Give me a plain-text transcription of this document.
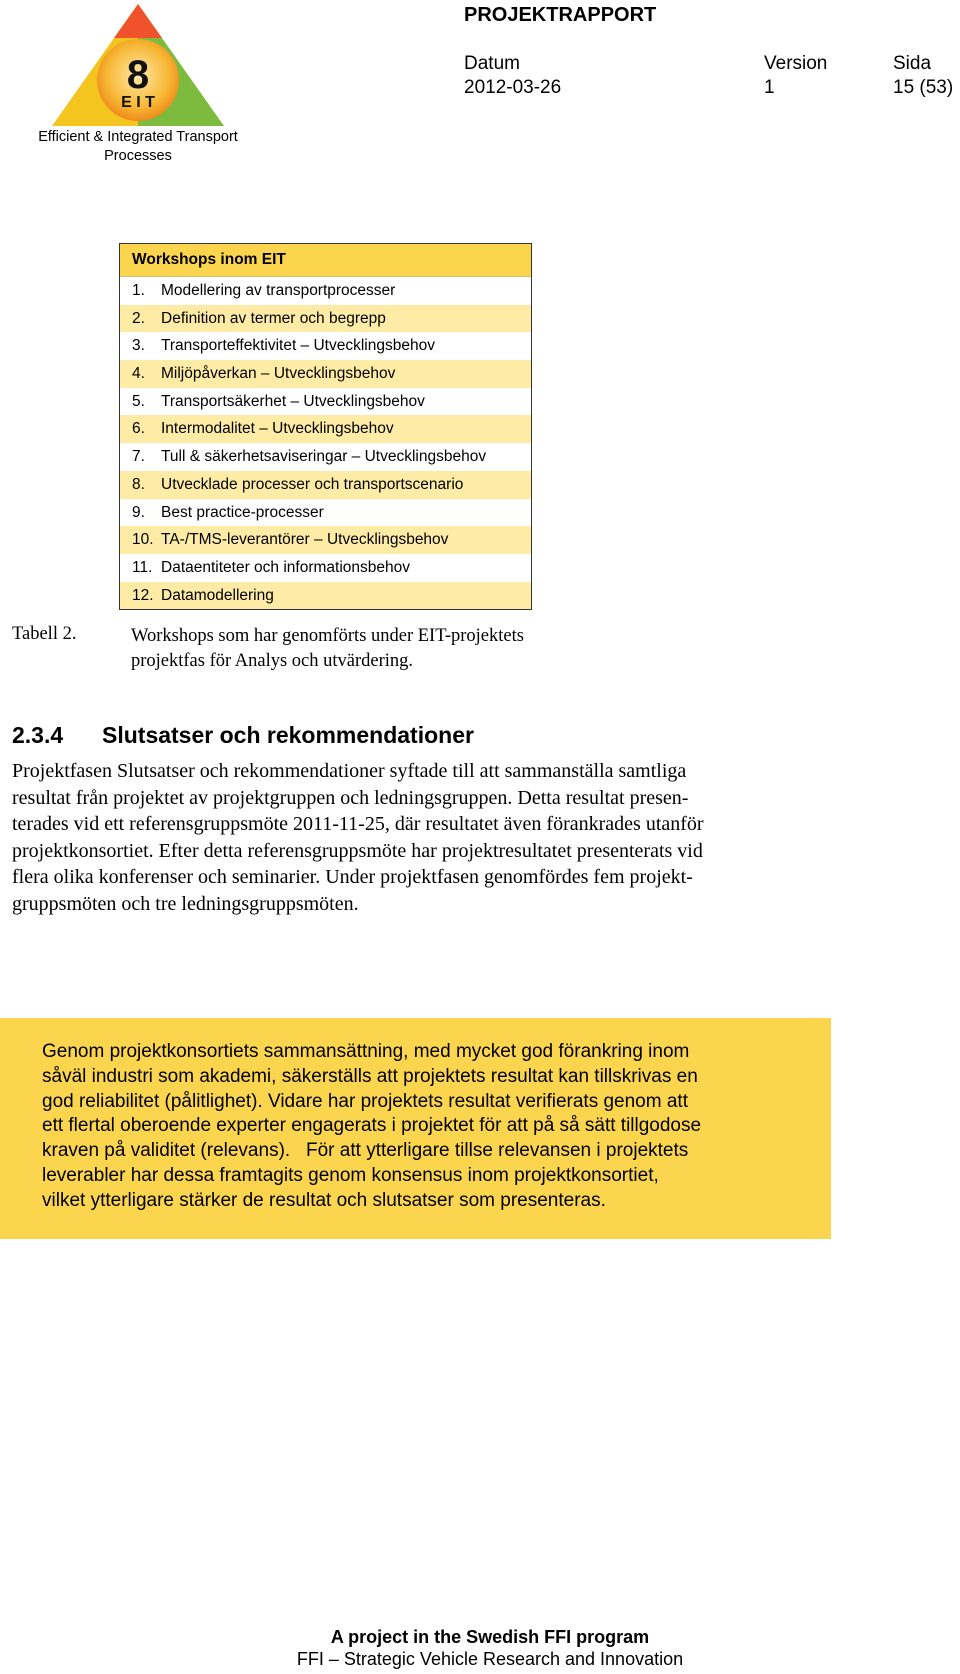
8
E I T
Efficient & Integrated Transport
Processes
PROJEKTRAPPORT
Datum
2012-03-26
Version
1
Sida
15 (53)
Workshops inom EIT
1. Modellering av transportprocesser
2. Definition av termer och begrepp
3. Transporteffektivitet – Utvecklingsbehov
4. Miljöpåverkan – Utvecklingsbehov
5. Transportsäkerhet – Utvecklingsbehov
6. Intermodalitet – Utvecklingsbehov
7. Tull & säkerhetsaviseringar – Utvecklingsbehov
8. Utvecklade processer och transportscenario
9. Best practice-processer
10. TA-/TMS-leverantörer – Utvecklingsbehov
11. Dataentiteter och informationsbehov
12. Datamodellering
Tabell 2.	Workshops som har genomförts under EIT-projektets
projektfas för Analys och utvärdering.
2.3.4 Slutsatser och rekommendationer
Projektfasen Slutsatser och rekommendationer syftade till att sammanställa samtliga
resultat från projektet av projektgruppen och ledningsgruppen. Detta resultat presen-
terades vid ett referensgruppsmöte 2011-11-25, där resultatet även förankrades utanför
projektkonsortiet. Efter detta referensgruppsmöte har projektresultatet presenterats vid
flera olika konferenser och seminarier. Under projektfasen genomfördes fem projekt-
gruppsmöten och tre ledningsgruppsmöten.
Genom projektkonsortiets sammansättning, med mycket god förankring inom
såväl industri som akademi, säkerställs att projektets resultat kan tillskrivas en
god reliabilitet (pålitlighet). Vidare har projektets resultat verifierats genom att
ett flertal oberoende experter engagerats i projektet för att på så sätt tillgodose
kraven på validitet (relevans).   För att ytterligare tillse relevansen i projektets
leverabler har dessa framtagits genom konsensus inom projektkonsortiet,
vilket ytterligare stärker de resultat och slutsatser som presenteras.
A project in the Swedish FFI program
FFI – Strategic Vehicle Research and Innovation
